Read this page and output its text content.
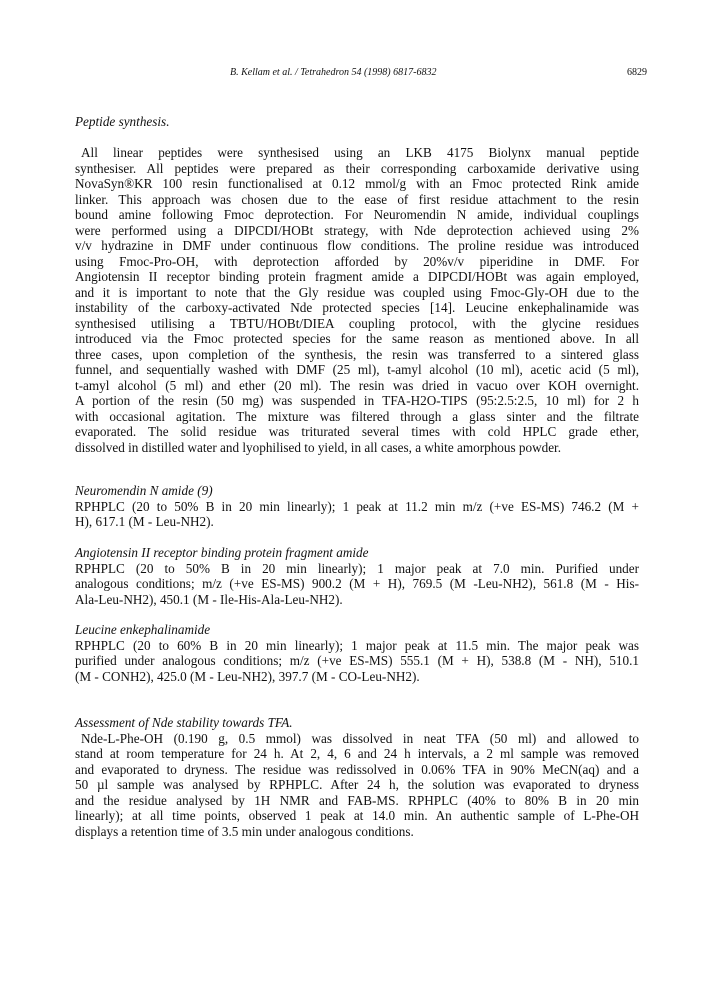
B. Kellam et al. / Tetrahedron 54 (1998) 6817-6832	6829
Peptide synthesis.
All linear peptides were synthesised using an LKB 4175 Biolynx manual peptide
synthesiser. All peptides were prepared as their corresponding carboxamide derivative using
NovaSyn®KR 100 resin functionalised at 0.12 mmol/g with an Fmoc protected Rink amide
linker. This approach was chosen due to the ease of first residue attachment to the resin
bound amine following Fmoc deprotection. For Neuromendin N amide, individual couplings
were performed using a DIPCDI/HOBt strategy, with Nde deprotection achieved using 2%
v/v hydrazine in DMF under continuous flow conditions. The proline residue was introduced
using Fmoc-Pro-OH, with deprotection afforded by 20%v/v piperidine in DMF. For
Angiotensin II receptor binding protein fragment amide a DIPCDI/HOBt was again employed,
and it is important to note that the Gly residue was coupled using Fmoc-Gly-OH due to the
instability of the carboxy-activated Nde protected species [14]. Leucine enkephalinamide was
synthesised utilising a TBTU/HOBt/DIEA coupling protocol, with the glycine residues
introduced via the Fmoc protected species for the same reason as mentioned above. In all
three cases, upon completion of the synthesis, the resin was transferred to a sintered glass
funnel, and sequentially washed with DMF (25 ml), t-amyl alcohol (10 ml), acetic acid (5 ml),
t-amyl alcohol (5 ml) and ether (20 ml). The resin was dried in vacuo over KOH overnight.
A portion of the resin (50 mg) was suspended in TFA-H2O-TIPS (95:2.5:2.5, 10 ml) for 2 h
with occasional agitation. The mixture was filtered through a glass sinter and the filtrate
evaporated. The solid residue was triturated several times with cold HPLC grade ether,
dissolved in distilled water and lyophilised to yield, in all cases, a white amorphous powder.
Neuromendin N amide (9)
RPHPLC (20 to 50% B in 20 min linearly); 1 peak at 11.2 min m/z (+ve ES-MS) 746.2 (M +
H), 617.1 (M - Leu-NH2).
Angiotensin II receptor binding protein fragment amide
RPHPLC (20 to 50% B in 20 min linearly); 1 major peak at 7.0 min. Purified under
analogous conditions; m/z (+ve ES-MS) 900.2 (M + H), 769.5 (M -Leu-NH2), 561.8 (M - His-
Ala-Leu-NH2), 450.1 (M - Ile-His-Ala-Leu-NH2).
Leucine enkephalinamide
RPHPLC (20 to 60% B in 20 min linearly); 1 major peak at 11.5 min. The major peak was
purified under analogous conditions; m/z (+ve ES-MS) 555.1 (M + H), 538.8 (M - NH), 510.1
(M - CONH2), 425.0 (M - Leu-NH2), 397.7 (M - CO-Leu-NH2).
Assessment of Nde stability towards TFA.
Nde-L-Phe-OH (0.190 g, 0.5 mmol) was dissolved in neat TFA (50 ml) and allowed to
stand at room temperature for 24 h. At 2, 4, 6 and 24 h intervals, a 2 ml sample was removed
and evaporated to dryness. The residue was redissolved in 0.06% TFA in 90% MeCN(aq) and a
50 µl sample was analysed by RPHPLC. After 24 h, the solution was evaporated to dryness
and the residue analysed by 1H NMR and FAB-MS. RPHPLC (40% to 80% B in 20 min
linearly); at all time points, observed 1 peak at 14.0 min. An authentic sample of L-Phe-OH
displays a retention time of 3.5 min under analogous conditions.
